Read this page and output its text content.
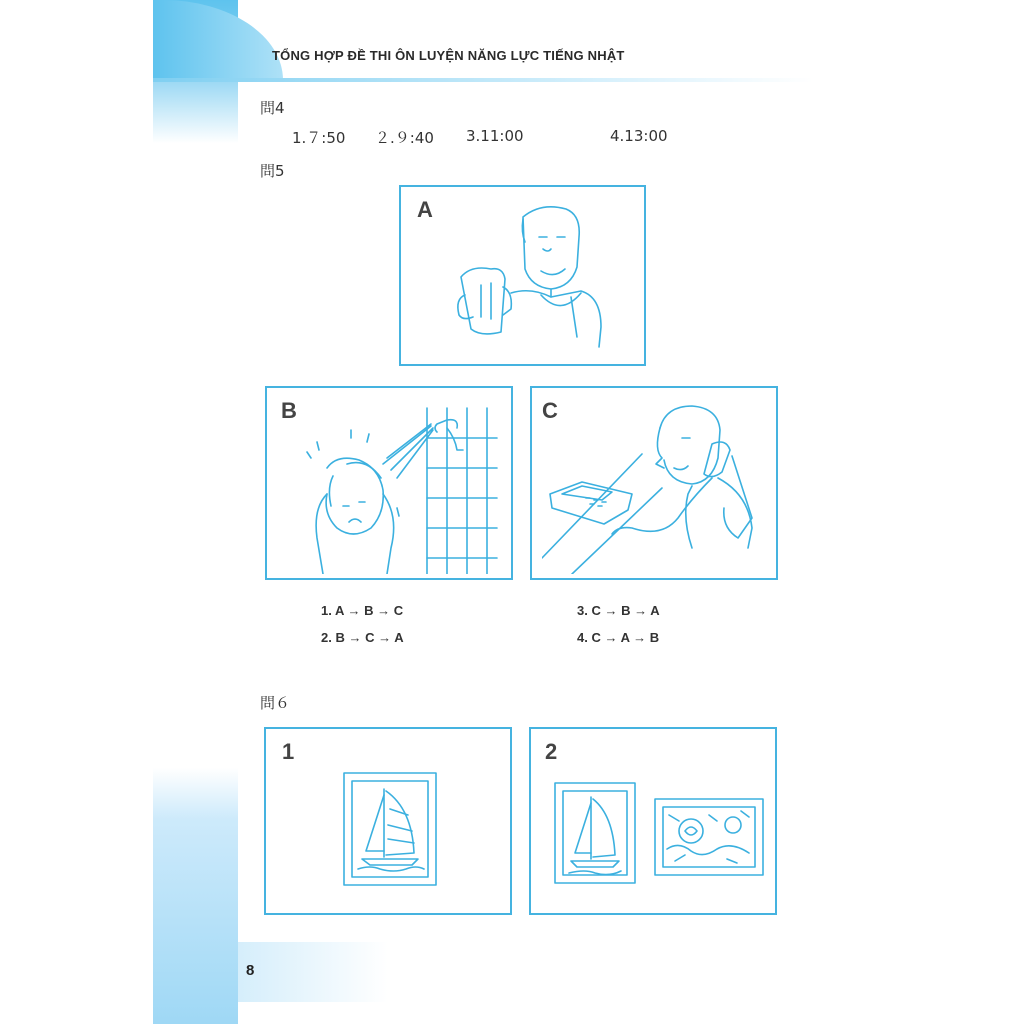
TỔNG HỢP ĐỀ THI ÔN LUYỆN NĂNG LỰC TIẾNG NHẬT
問4
1.７:50 ２.９:40 3.11:00	4.13:00
問5
A
B	C
1. A → B → C
2. B → C → A
3. C → B → A
4. C → A → B
問６
1	2
8
